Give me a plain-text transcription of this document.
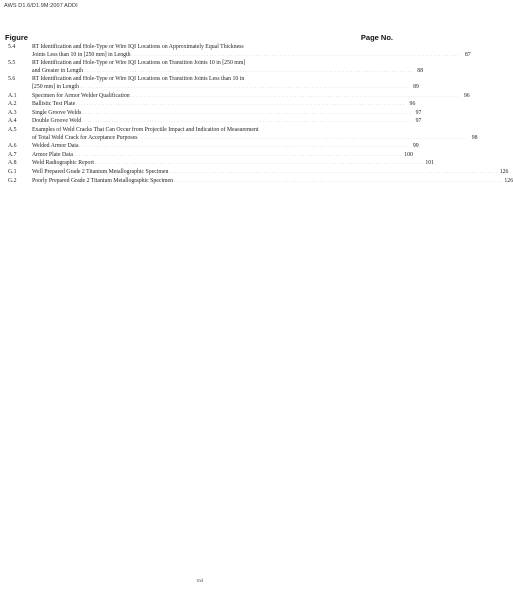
AWS D1.6/D1.9M:2007 ADDI
Figure	Page No.
5.4	RT Identification and Hole-Type or Wire IQI Locations on Approximately Equal Thickness
Joints Less than 10 in [250 mm] in Length . . .	87
5.5	RT Identification and Hole-Type or Wire IQI Locations on Transition Joints 10 in [250 mm]
and Greater in Length . . .	88
5.6	RT Identification and Hole-Type or Wire IQI Locations on Transition Joints Less than 10 in
[250 mm] in Length . . .	89
A.1	Specimen for Armor Welder Qualification . . .	96
A.2	Ballistic Test Plate . . .	96
A.3	Single Groove Welds . . .	97
A.4	Double Groove Weld . . .	97
A.5	Examples of Weld Cracks That Can Occur from Projectile Impact and Indication of Measurement
of Total Weld Crack for Acceptance Purposes . . .	98
A.6	Welded Armor Data . . .	99
A.7	Armor Plate Data . . .	100
A.8	Weld Radiographic Report . . .	101
G.1	Well Prepared Grade 2 Titanium Metallographic Specimen . . .	126
G.2	Poorly Prepared Grade 2 Titanium Metallographic Specimen . . .	126
xvi
